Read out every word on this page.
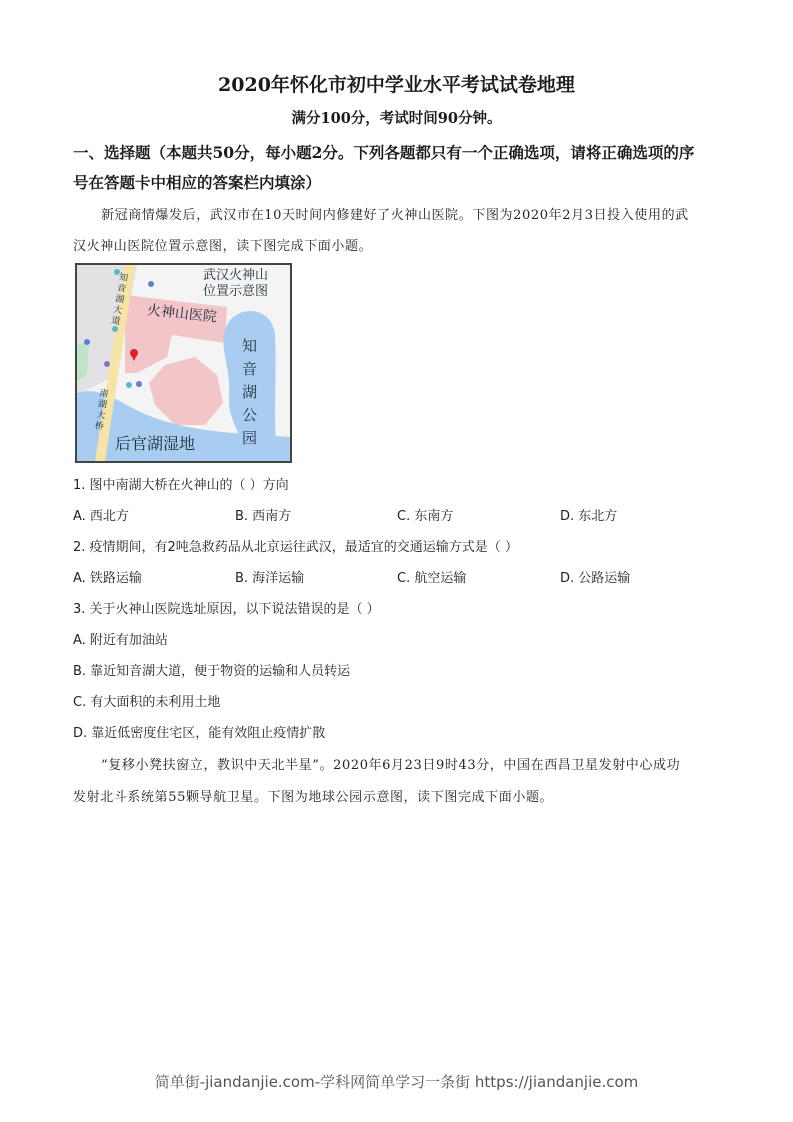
2020年怀化市初中学业水平考试试卷地理
满分100分，考试时间90分钟。
一、选择题（本题共50分，每小题2分。下列各题都只有一个正确选项，请将正确选项的序
号在答题卡中相应的答案栏内填涂）
新冠商情爆发后，武汉市在10天时间内修建好了火神山医院。下图为2020年2月3日投入使用的武
汉火神山医院位置示意图，读下图完成下面小题。
武汉火神山
位置示意图
火神山医院
知音湖大道
知音湖公园
南湖大桥
后官湖湿地
1. 图中南湖大桥在火神山的（ ）方向
A. 西北方	B. 西南方	C. 东南方	D. 东北方
2. 疫情期间，有2吨急救药品从北京运往武汉，最适宜的交通运输方式是（ ）
A. 铁路运输	B. 海洋运输	C. 航空运输	D. 公路运输
3. 关于火神山医院选址原因，以下说法错误的是（ ）
A. 附近有加油站
B. 靠近知音湖大道，便于物资的运输和人员转运
C. 有大面积的未利用土地
D. 靠近低密度住宅区，能有效阻止疫情扩散
“复移小凳扶窗立，教识中天北半星”。2020年6月23日9时43分，中国在西昌卫星发射中心成功
发射北斗系统第55颗导航卫星。下图为地球公园示意图，读下图完成下面小题。
简单街-jiandanjie.com-学科网简单学习一条街 https://jiandanjie.com
